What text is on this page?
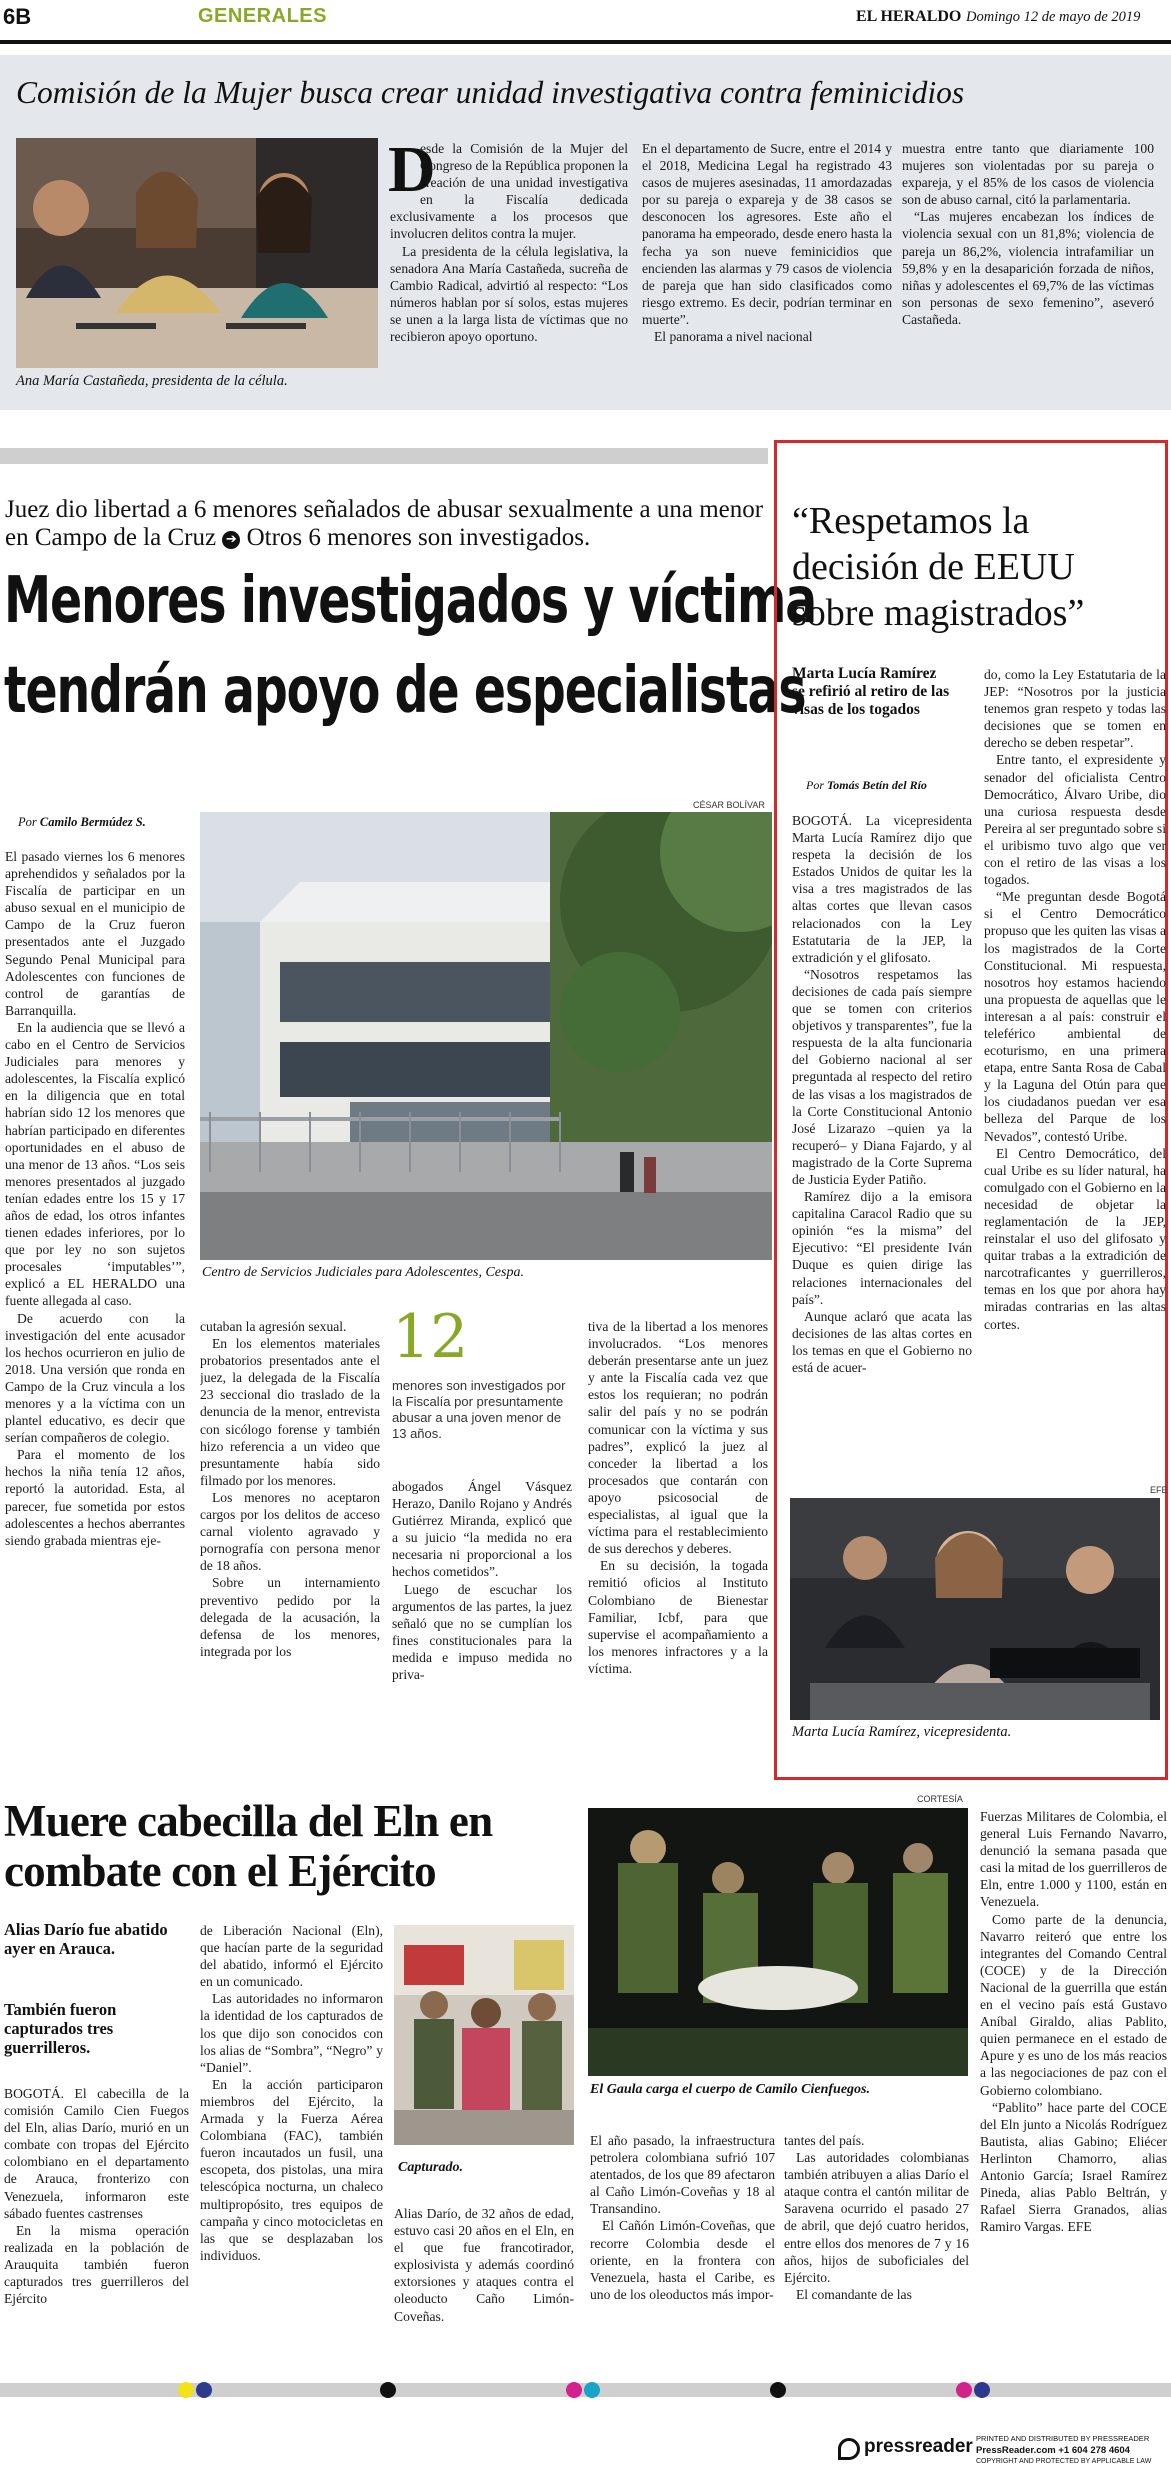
6B	GENERALES	EL HERALDO Domingo 12 de mayo de 2019
Comisión de la Mujer busca crear unidad investigativa contra feminicidios
Ana María Castañeda, presidenta de la célula.
D

esde la Comisión de la Mujer del Congreso de la República proponen la creación de una unidad investigativa en la Fiscalía dedicada exclusivamente a los procesos que involucren delitos contra la mujer.

La presidenta de la célula legislativa, la senadora Ana María Castañeda, sucreña de Cambio Radical, advirtió al respecto: “Los números hablan por sí solos, estas mujeres se unen a la larga lista de víctimas que no recibieron apoyo oportuno.

En el departamento de Sucre, entre el 2014 y el 2018, Medicina Legal ha registrado 43 casos de mujeres asesinadas, 11 amordazadas por su pareja o expareja y de 38 casos se desconocen los agresores. Este año el panorama ha empeorado, desde enero hasta la fecha ya son nueve feminicidios que encienden las alarmas y 79 casos de violencia de pareja que han sido clasificados como riesgo extremo. Es decir, podrían terminar en muerte”.

El panorama a nivel nacional

muestra entre tanto que diariamente 100 mujeres son violentadas por su pareja o expareja, y el 85% de los casos de violencia son de abuso carnal, citó la parlamentaria.

“Las mujeres encabezan los índices de violencia sexual con un 81,8%; violencia de pareja un 86,2%, violencia intrafamiliar un 59,8% y en la desaparición forzada de niños, niñas y adolescentes el 69,7% de las víctimas son personas de sexo femenino”, aseveró Castañeda.

Juez dio libertad a 6 menores señalados de abusar sexualmente a una menor en Campo de la Cruz ➔ Otros 6 menores son investigados.
Menores investigados y víctima
tendrán apoyo de especialistas
Por Camilo Bermúdez S.

El pasado viernes los 6 menores aprehendidos y señalados por la Fiscalía de participar en un abuso sexual en el municipio de Campo de la Cruz fueron presentados ante el Juzgado Segundo Penal Municipal para Adolescentes con funciones de control de garantías de Barranquilla.

En la audiencia que se llevó a cabo en el Centro de Servicios Judiciales para menores y adolescentes, la Fiscalía explicó en la diligencia que en total habrían sido 12 los menores que habrían participado en diferentes oportunidades en el abuso de una menor de 13 años. “Los seis menores presentados al juzgado tenían edades entre los 15 y 17 años de edad, los otros infantes tienen edades inferiores, por lo que por ley no son sujetos procesales ‘imputables’”, explicó a EL HERALDO una fuente allegada al caso.

De acuerdo con la investigación del ente acusador los hechos ocurrieron en julio de 2018. Una versión que ronda en Campo de la Cruz vincula a los menores y a la víctima con un plantel educativo, es decir que serían compañeros de colegio.

Para el momento de los hechos la niña tenía 12 años, reportó la autoridad. Esta, al parecer, fue sometida por estos adolescentes a hechos aberrantes siendo grabada mientras eje-

CÉSAR BOLÍVAR
Centro de Servicios Judiciales para Adolescentes, Cespa.

cutaban la agresión sexual.

En los elementos materiales probatorios presentados ante el juez, la delegada de la Fiscalía 23 seccional dio traslado de la denuncia de la menor, entrevista con sicólogo forense y también hizo referencia a un video que presuntamente había sido filmado por los menores.

Los menores no aceptaron cargos por los delitos de acceso carnal violento agravado y pornografía con persona menor de 18 años.

Sobre un internamiento preventivo pedido por la delegada de la acusación, la defensa de los menores, integrada por los

12
menores son investigados por la Fiscalía por presuntamente abusar a una joven menor de 13 años.

abogados Ángel Vásquez Herazo, Danilo Rojano y Andrés Gutiérrez Miranda, explicó que a su juicio “la medida no era necesaria ni proporcional a los hechos cometidos”.

Luego de escuchar los argumentos de las partes, la juez señaló que no se cumplían los fines constitucionales para la medida e impuso medida no priva-

tiva de la libertad a los menores involucrados. “Los menores deberán presentarse ante un juez y ante la Fiscalía cada vez que estos los requieran; no podrán salir del país y no se podrán comunicar con la víctima y sus padres”, explicó la juez al conceder la libertad a los procesados que contarán con apoyo psicosocial de especialistas, al igual que la víctima para el restablecimiento de sus derechos y deberes.

En su decisión, la togada remitió oficios al Instituto Colombiano de Bienestar Familiar, Icbf, para que supervise el acompañamiento a los menores infractores y a la víctima.

“Respetamos la decisión de EEUU sobre magistrados”
Marta Lucía Ramírez se refirió al retiro de las visas de los togados
Por Tomás Betín del Río

BOGOTÁ. La vicepresidenta Marta Lucía Ramírez dijo que respeta la decisión de los Estados Unidos de quitar les la visa a tres magistrados de las altas cortes que llevan casos relacionados con la Ley Estatutaria de la JEP, la extradición y el glifosato.

“Nosotros respetamos las decisiones de cada país siempre que se tomen con criterios objetivos y transparentes”, fue la respuesta de la alta funcionaria del Gobierno nacional al ser preguntada al respecto del retiro de las visas a los magistrados de la Corte Constitucional Antonio José Lizarazo –quien ya la recuperó– y Diana Fajardo, y al magistrado de la Corte Suprema de Justicia Eyder Patiño.

Ramírez dijo a la emisora capitalina Caracol Radio que su opinión “es la misma” del Ejecutivo: “El presidente Iván Duque es quien dirige las relaciones internacionales del país”.

Aunque aclaró que acata las decisiones de las altas cortes en los temas en que el Gobierno no está de acuer-

do, como la Ley Estatutaria de la JEP: “Nosotros por la justicia tenemos gran respeto y todas las decisiones que se tomen en derecho se deben respetar”.

Entre tanto, el expresidente y senador del oficialista Centro Democrático, Álvaro Uribe, dio una curiosa respuesta desde Pereira al ser preguntado sobre si el uribismo tuvo algo que ver con el retiro de las visas a los togados.

“Me preguntan desde Bogotá si el Centro Democrático propuso que les quiten las visas a los magistrados de la Corte Constitucional. Mi respuesta, nosotros hoy estamos haciendo una propuesta de aquellas que le interesan a al país: construir el teleférico ambiental de ecoturismo, en una primera etapa, entre Santa Rosa de Cabal y la Laguna del Otún para que los ciudadanos puedan ver esa belleza del Parque de los Nevados”, contestó Uribe.

El Centro Democrático, del cual Uribe es su líder natural, ha comulgado con el Gobierno en la necesidad de objetar la reglamentación de la JEP, reinstalar el uso del glifosato y quitar trabas a la extradición de narcotraficantes y guerrilleros, temas en los que por ahora hay miradas contrarias en las altas cortes.

EFE
Marta Lucía Ramírez, vicepresidenta.
Muere cabecilla del Eln en combate con el Ejército
Alias Darío fue abatido ayer en Arauca.
También fueron capturados tres guerrilleros.

BOGOTÁ. El cabecilla de la comisión Camilo Cien Fuegos del Eln, alias Darío, murió en un combate con tropas del Ejército colombiano en el departamento de Arauca, fronterizo con Venezuela, informaron este sábado fuentes castrenses

En la misma operación realizada en la población de Arauquita también fueron capturados tres guerrilleros del Ejército

de Liberación Nacional (Eln), que hacían parte de la seguridad del abatido, informó el Ejército en un comunicado.

Las autoridades no informaron la identidad de los capturados de los que dijo son conocidos con los alias de “Sombra”, “Negro” y “Daniel”.

En la acción participaron miembros del Ejército, la Armada y la Fuerza Aérea Colombiana (FAC), también fueron incautados un fusil, una escopeta, dos pistolas, una mira telescópica nocturna, un chaleco multipropósito, tres equipos de campaña y cinco motocicletas en las que se desplazaban los individuos.

Capturado.

Alias Darío, de 32 años de edad, estuvo casi 20 años en el Eln, en el que fue francotirador, explosivista y además coordinó extorsiones y ataques contra el oleoducto Caño Limón-Coveñas.

CORTESÍA
El Gaula carga el cuerpo de Camilo Cienfuegos.

El año pasado, la infraestructura petrolera colombiana sufrió 107 atentados, de los que 89 afectaron al Caño Limón-Coveñas y 18 al Transandino.

El Cañón Limón-Coveñas, que recorre Colombia desde el oriente, en la frontera con Venezuela, hasta el Caribe, es uno de los oleoductos más impor-

tantes del país.

Las autoridades colombianas también atribuyen a alias Darío el ataque contra el cantón militar de Saravena ocurrido el pasado 27 de abril, que dejó cuatro heridos, entre ellos dos menores de 7 y 16 años, hijos de suboficiales del Ejército.

El comandante de las

Fuerzas Militares de Colombia, el general Luis Fernando Navarro, denunció la semana pasada que casi la mitad de los guerrilleros de Eln, entre 1.000 y 1100, están en Venezuela.

Como parte de la denuncia, Navarro reiteró que entre los integrantes del Comando Central (COCE) y de la Dirección Nacional de la guerrilla que están en el vecino país está Gustavo Aníbal Giraldo, alias Pablito, quien permanece en el estado de Apure y es uno de los más reacios a las negociaciones de paz con el Gobierno colombiano.

“Pablito” hace parte del COCE del Eln junto a Nicolás Rodríguez Bautista, alias Gabino; Eliécer Herlinton Chamorro, alias Antonio García; Israel Ramírez Pineda, alias Pablo Beltrán, y Rafael Sierra Granados, alias Ramiro Vargas. EFE

pressreader PRINTED AND DISTRIBUTED BY PRESSREADER
PressReader.com +1 604 278 4604
COPYRIGHT AND PROTECTED BY APPLICABLE LAW
